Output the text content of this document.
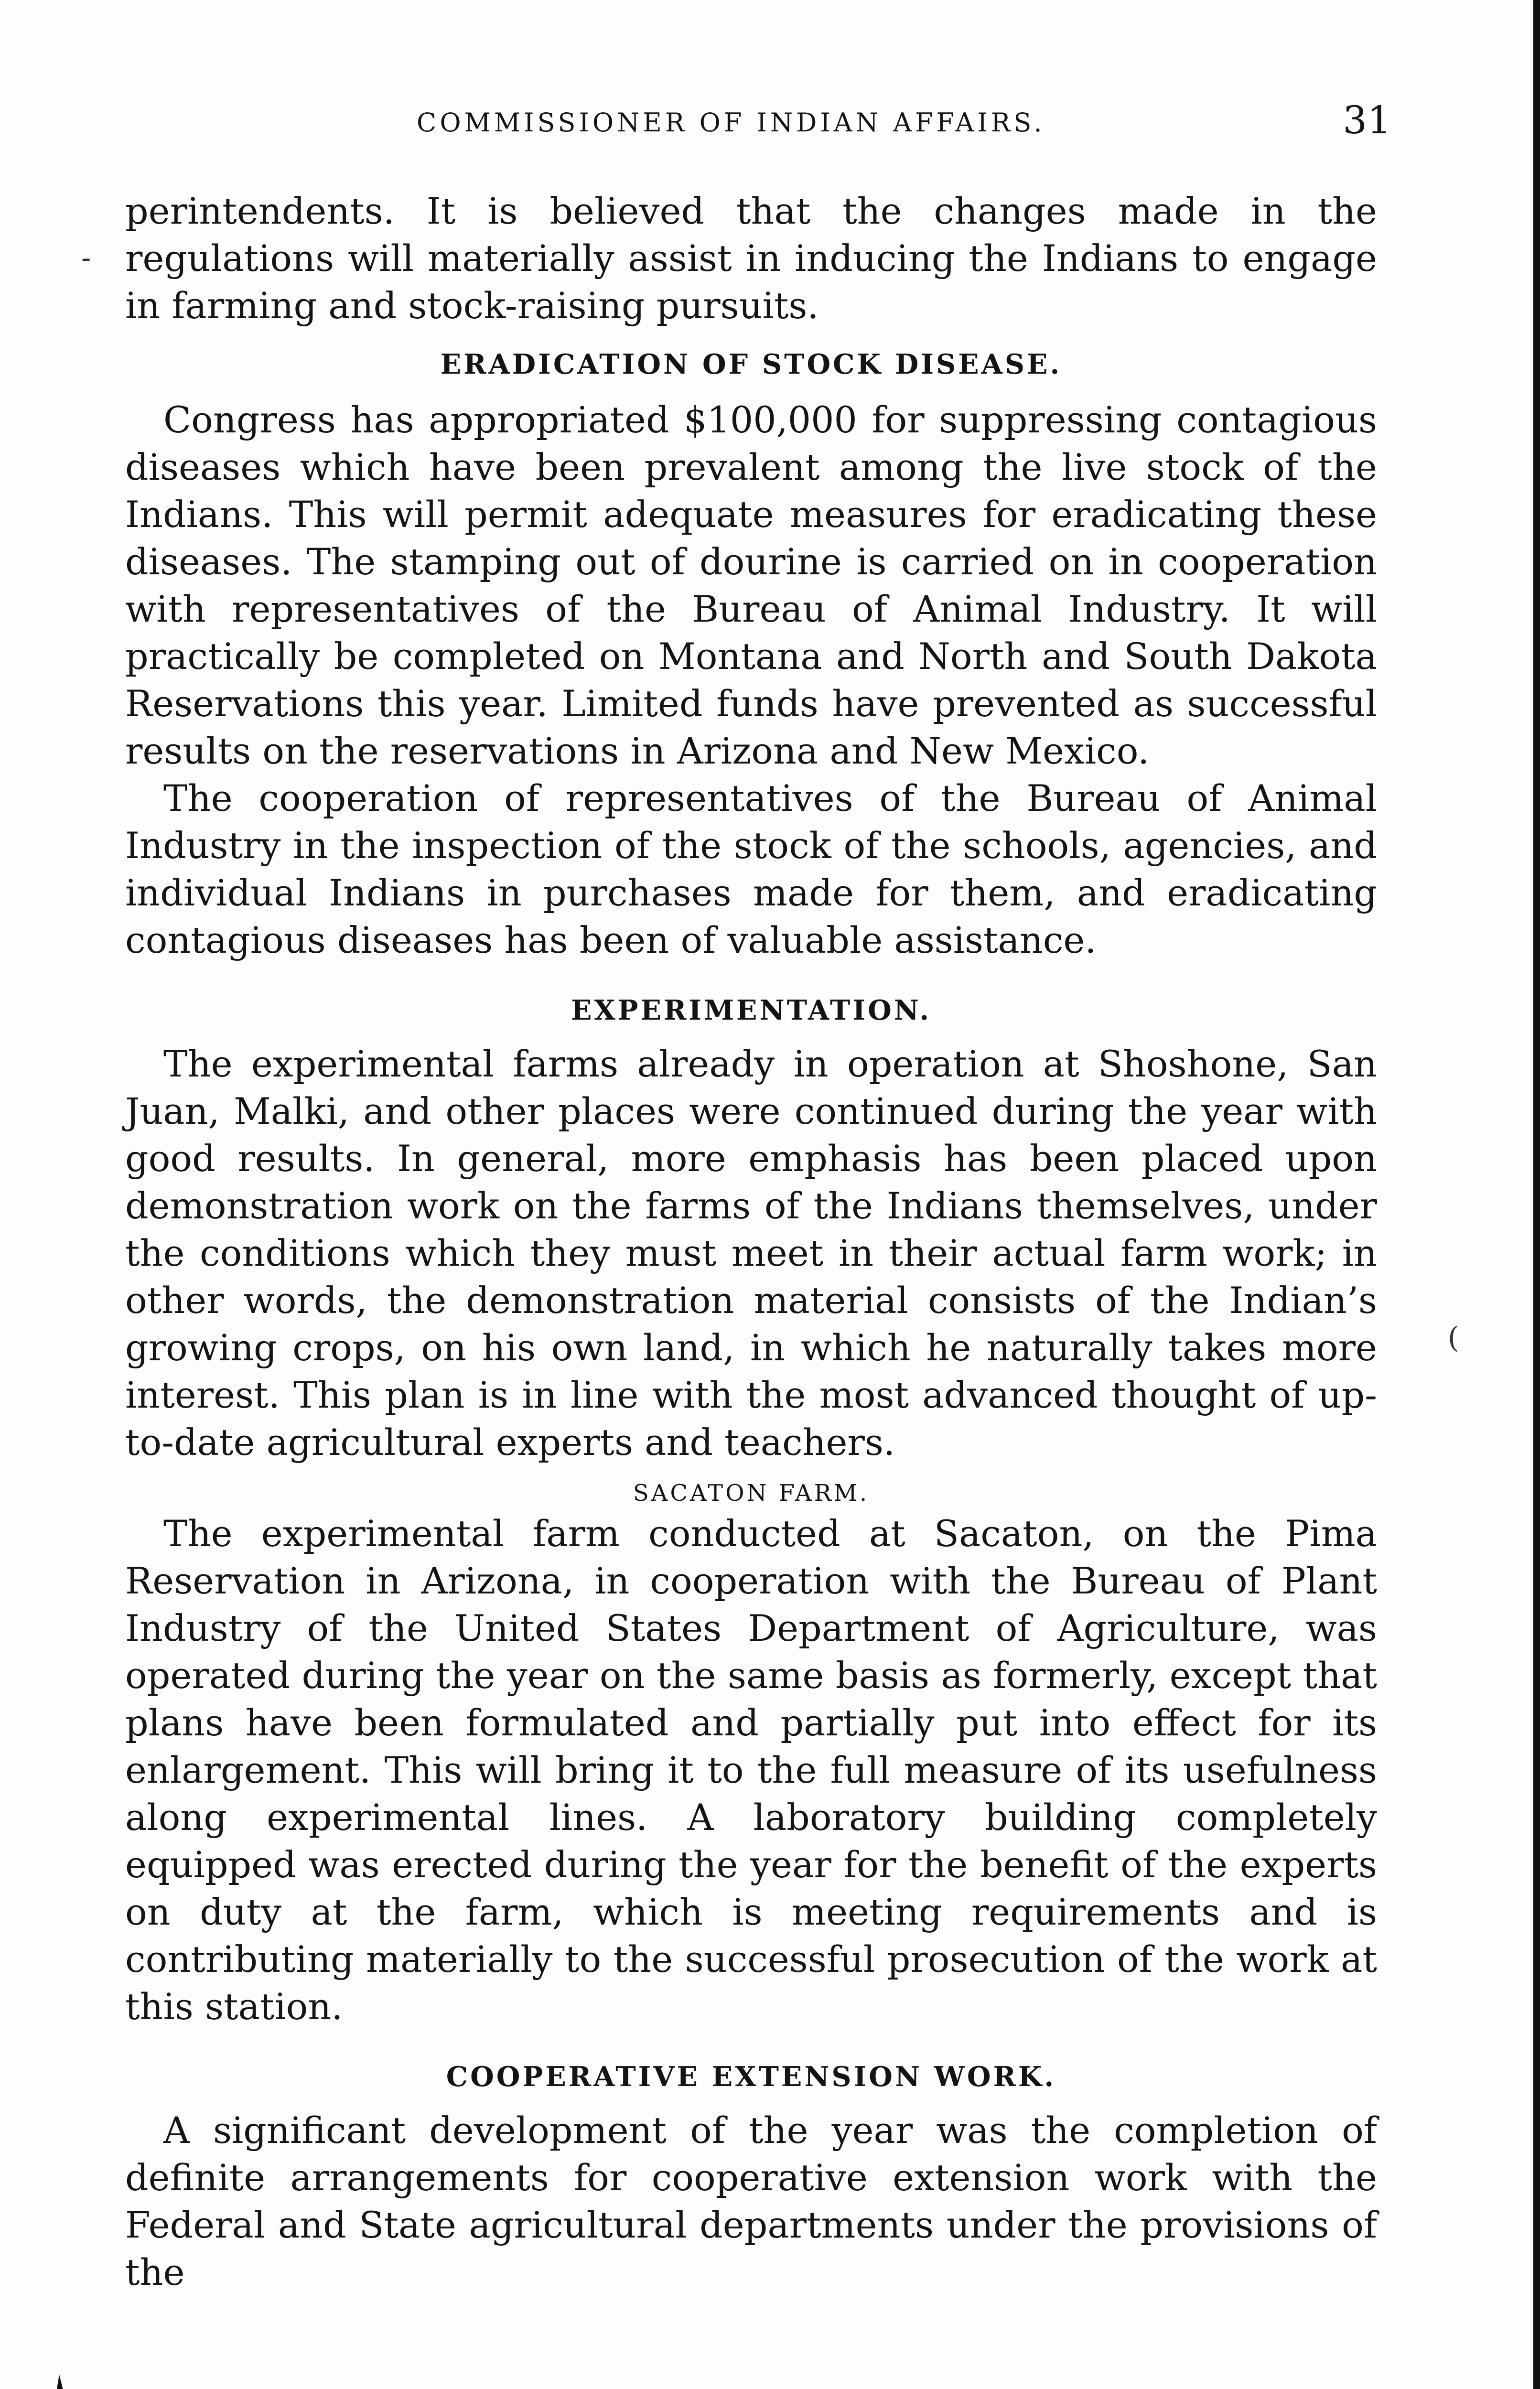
‐
(
COMMISSIONER OF INDIAN AFFAIRS.	31

perintendents. It is believed that the changes made in the regulations will materially assist in inducing the Indians to engage in farming and stock-raising pursuits.

ERADICATION OF STOCK DISEASE.

Congress has appropriated $100,000 for suppressing contagious diseases which have been prevalent among the live stock of the Indians. This will permit adequate measures for eradicating these diseases. The stamping out of dourine is carried on in cooperation with representatives of the Bureau of Animal Industry. It will practically be completed on Montana and North and South Dakota Reservations this year. Limited funds have prevented as successful results on the reservations in Arizona and New Mexico.

The cooperation of representatives of the Bureau of Animal Industry in the inspection of the stock of the schools, agencies, and individual Indians in purchases made for them, and eradicating contagious diseases has been of valuable assistance.

EXPERIMENTATION.

The experimental farms already in operation at Shoshone, San Juan, Malki, and other places were continued during the year with good results. In general, more emphasis has been placed upon demonstration work on the farms of the Indians themselves, under the conditions which they must meet in their actual farm work; in other words, the demonstration material consists of the Indian’s growing crops, on his own land, in which he naturally takes more interest. This plan is in line with the most advanced thought of up-to-date agricultural experts and teachers.

SACATON FARM.

The experimental farm conducted at Sacaton, on the Pima Reservation in Arizona, in cooperation with the Bureau of Plant Industry of the United States Department of Agriculture, was operated during the year on the same basis as formerly, except that plans have been formulated and partially put into effect for its enlargement. This will bring it to the full measure of its usefulness along experimental lines. A laboratory building completely equipped was erected during the year for the benefit of the experts on duty at the farm, which is meeting requirements and is contributing materially to the successful prosecution of the work at this station.

COOPERATIVE EXTENSION WORK.

A significant development of the year was the completion of definite arrangements for cooperative extension work with the Federal and State agricultural departments under the provisions of the
